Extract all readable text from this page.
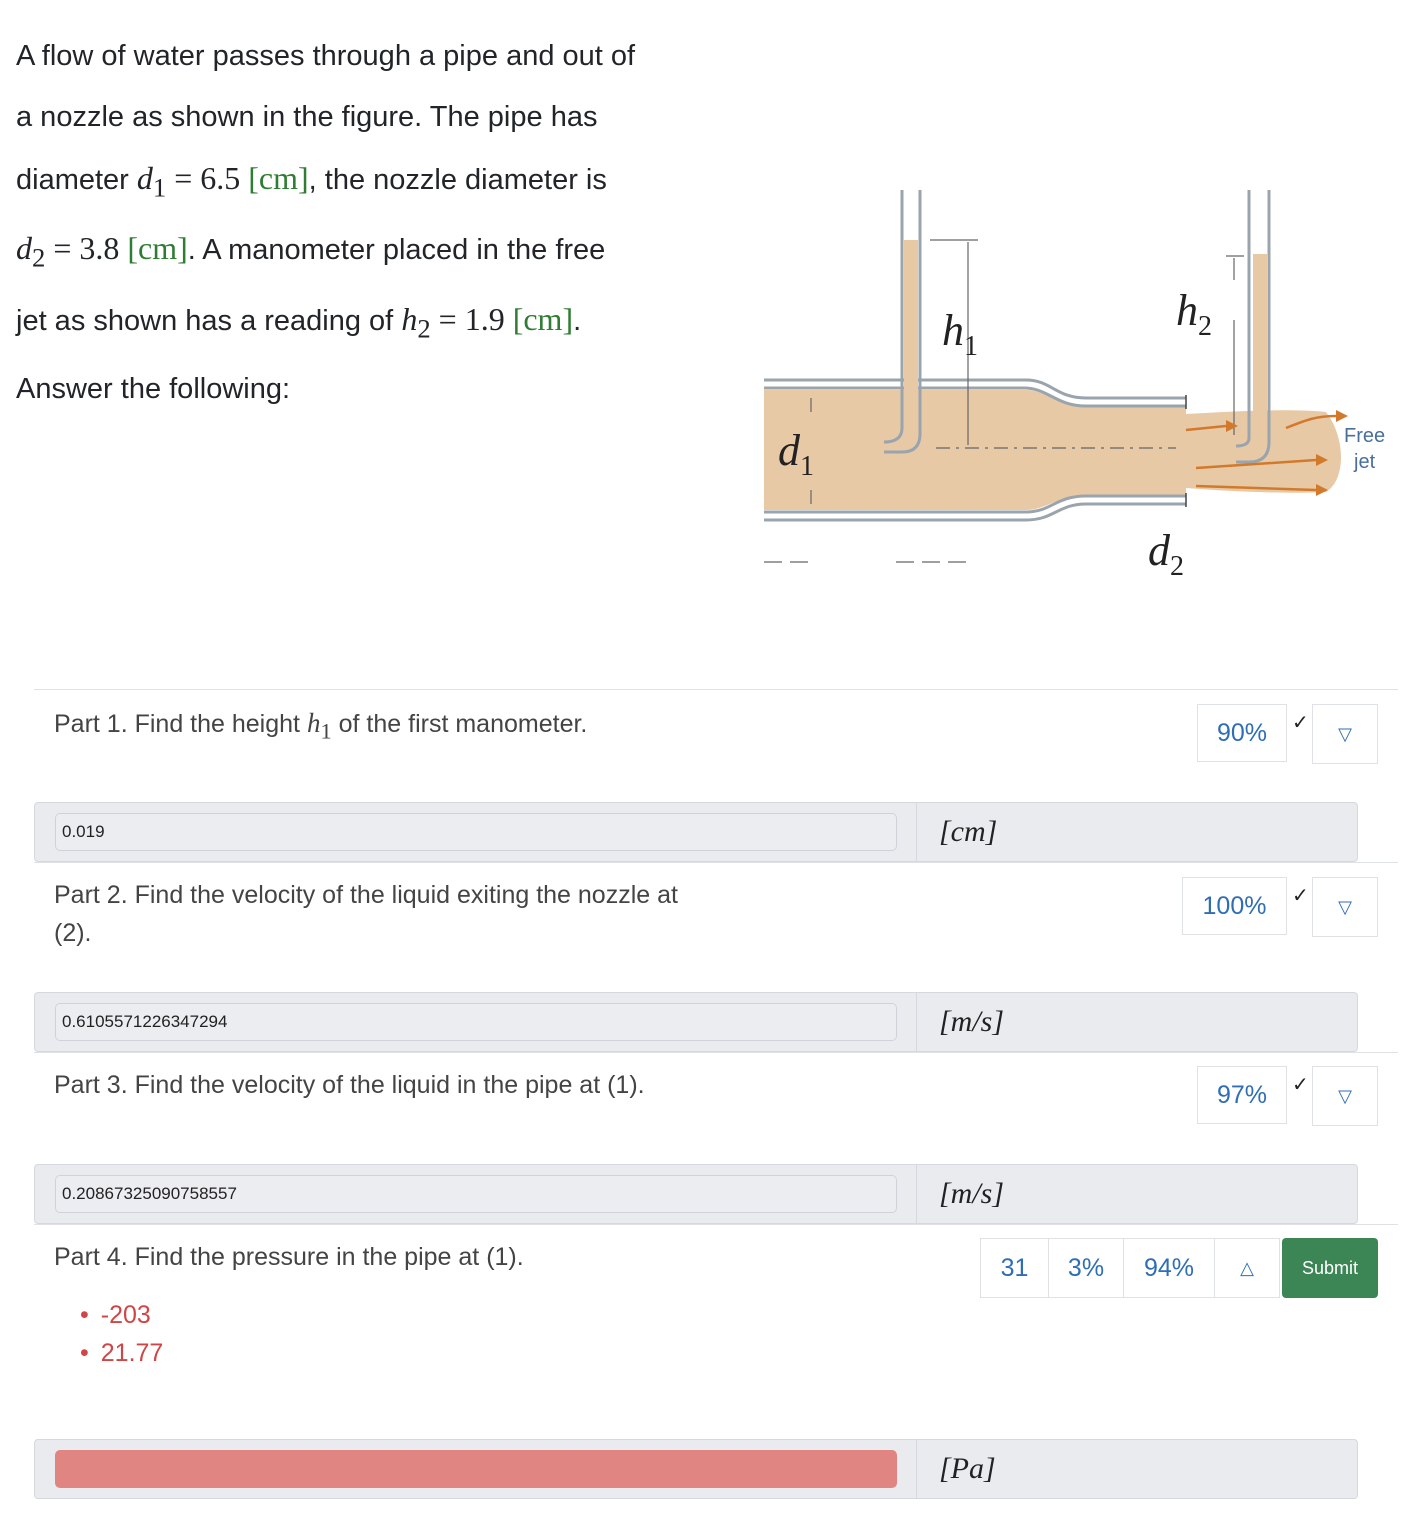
A flow of water passes through a pipe and out of
a nozzle as shown in the figure. The pipe has
diameter $d_1 = 6.5$ [cm], the nozzle diameter is
$d_2 = 3.8$ [cm]. A manometer placed in the free
jet as shown has a reading of $h_2 = 1.9$ [cm].
Answer the following:
$h_1$
$h_2$
$d_1$
$d_2$
Free
jet
Part 1. Find the height $h_1$ of the first manometer.	90%	✓ ▽
0.019	[cm]
Part 2. Find the velocity of the liquid exiting the nozzle at (2).
100%	✓ ▽
0.6105571226347294	[m/s]
Part 3. Find the velocity of the liquid in the pipe at (1).	97%	✓ ▽
0.20867325090758557	[m/s]
Part 4. Find the pressure in the pipe at (1).	31	3%	94%	△	Submit
• -203
• 21.77
[Pa]
